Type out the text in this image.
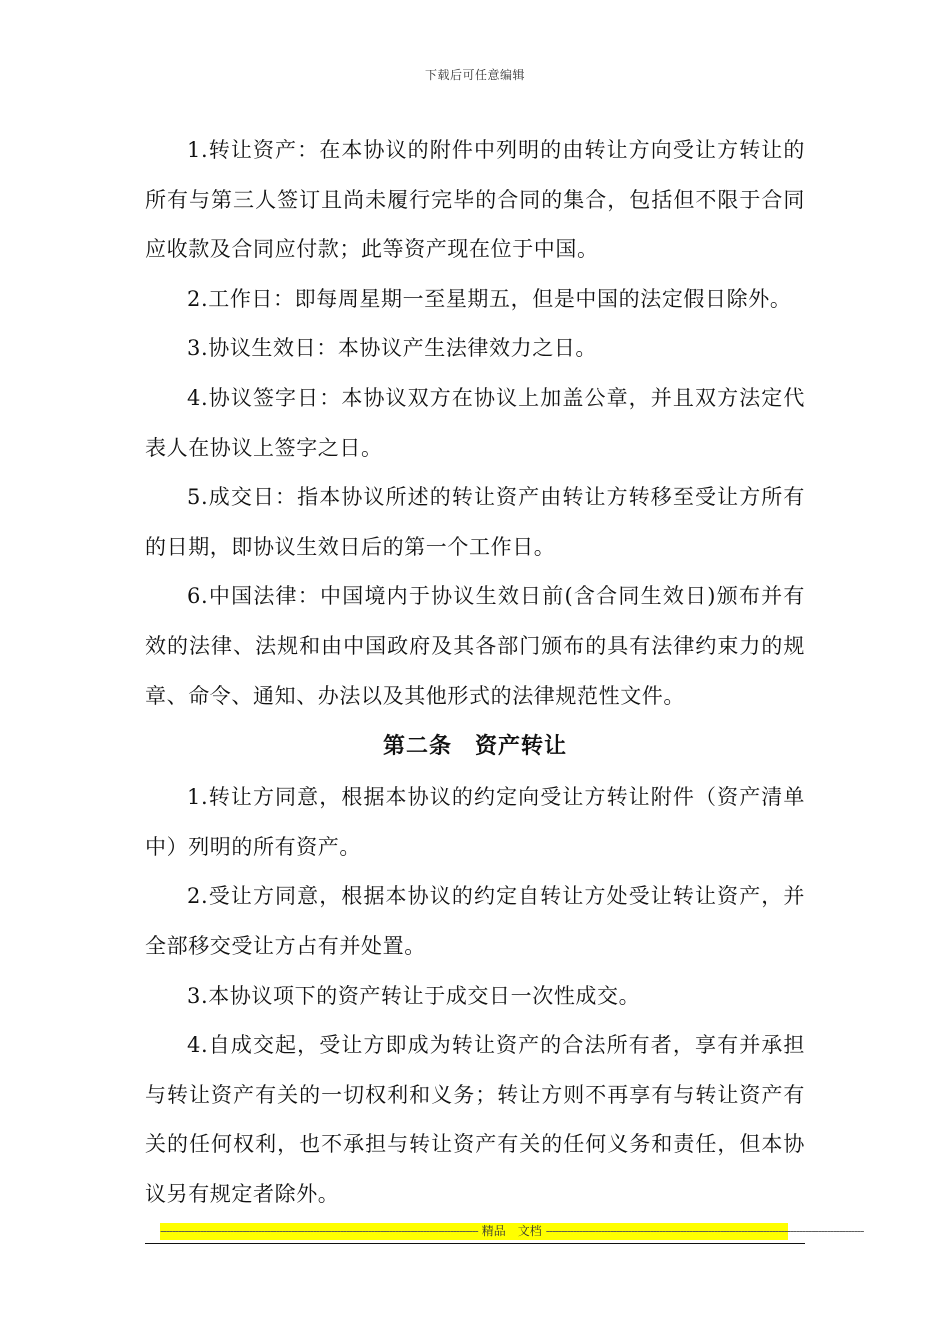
下载后可任意编辑

1.转让资产：在本协议的附件中列明的由转让方向受让方转让的所有与第三人签订且尚未履行完毕的合同的集合，包括但不限于合同应收款及合同应付款；此等资产现在位于中国。

2.工作日：即每周星期一至星期五，但是中国的法定假日除外。

3.协议生效日：本协议产生法律效力之日。

4.协议签字日：本协议双方在协议上加盖公章，并且双方法定代表人在协议上签字之日。

5.成交日：指本协议所述的转让资产由转让方转移至受让方所有的日期，即协议生效日后的第一个工作日。

6.中国法律：中国境内于协议生效日前(含合同生效日)颁布并有效的法律、法规和由中国政府及其各部门颁布的具有法律约束力的规章、命令、通知、办法以及其他形式的法律规范性文件。

第二条　资产转让

1.转让方同意，根据本协议的约定向受让方转让附件（资产清单中）列明的所有资产。

2.受让方同意，根据本协议的约定自转让方处受让转让资产，并全部移交受让方占有并处置。

3.本协议项下的资产转让于成交日一次性成交。

4.自成交起，受让方即成为转让资产的合法所有者，享有并承担与转让资产有关的一切权利和义务；转让方则不再享有与转让资产有关的任何权利，也不承担与转让资产有关的任何义务和责任，但本协议另有规定者除外。

-------------------------------------------------------------------------------------------------------- 精品　文档 --------------------------------------------------------------------------------------------------------
